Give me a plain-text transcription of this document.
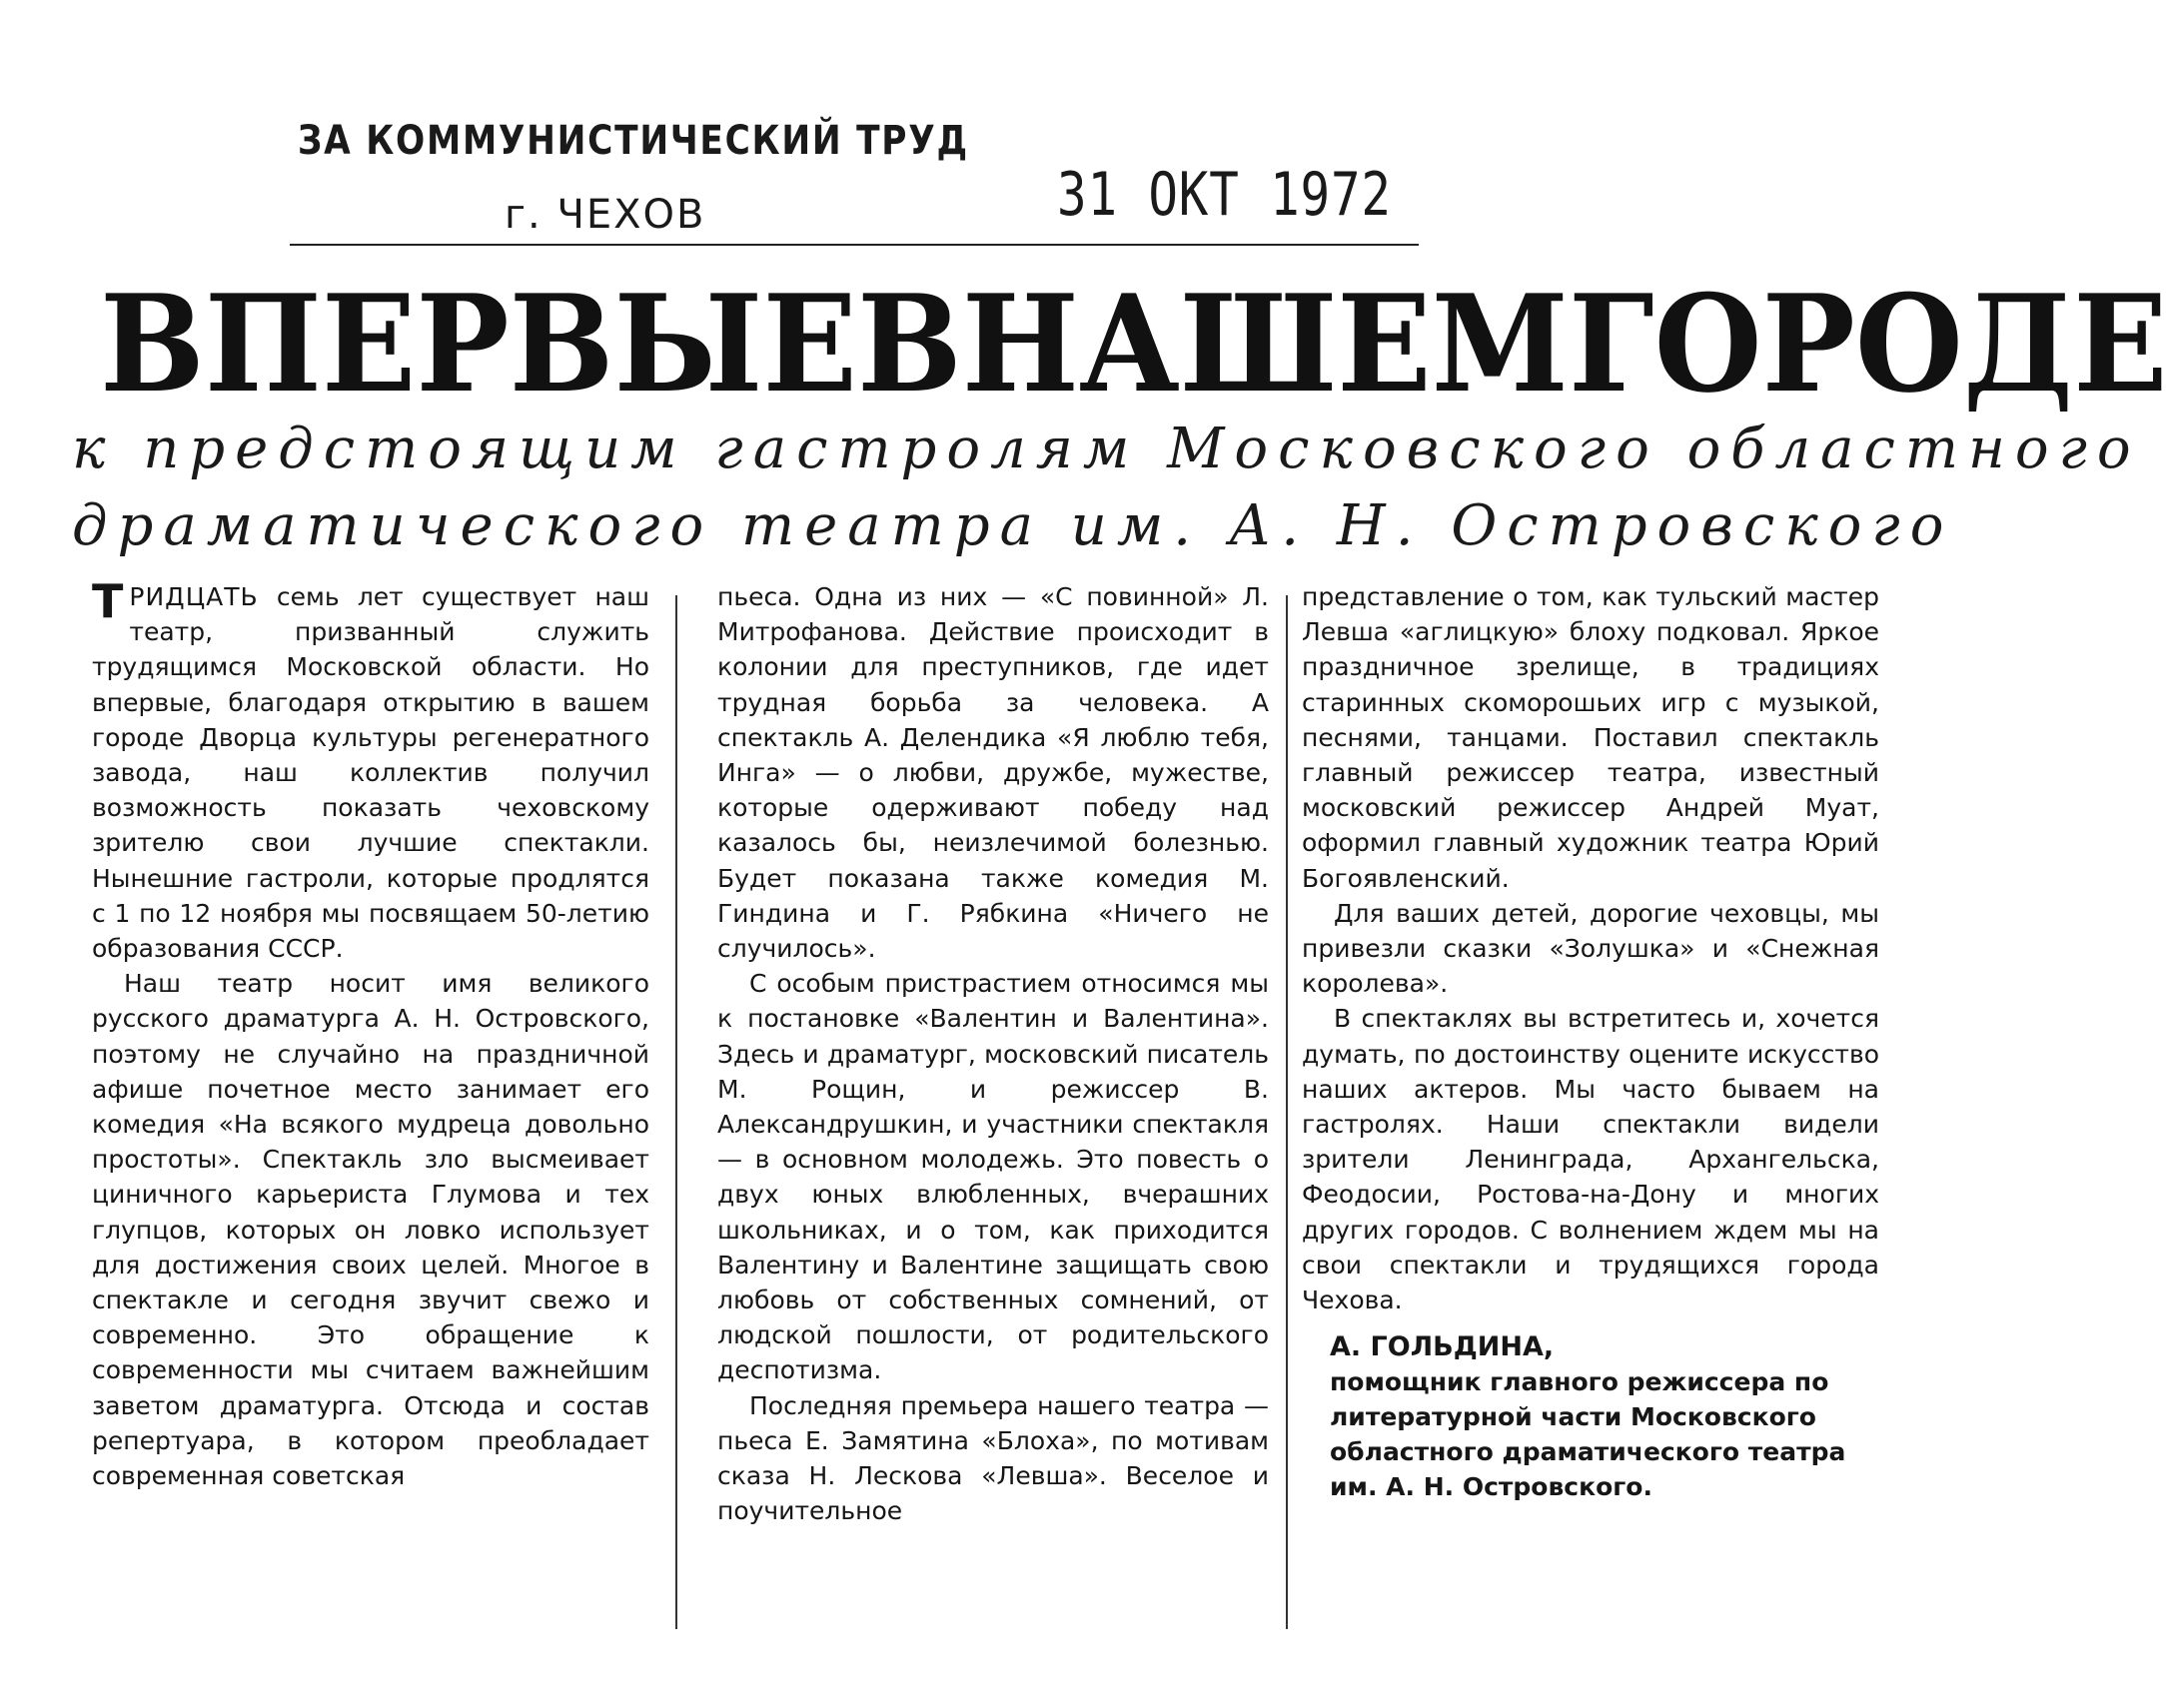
ЗА КОММУНИСТИЧЕСКИЙ ТРУД
г. ЧЕХОВ	31 ОКТ 1972
ВПЕРВЫЕ В НАШЕМ ГОРОДЕ
к предстоящим гастролям Московского областного
драматического театра им. А. Н. Островского

ТРИДЦАТЬ семь лет существует наш театр, призванный служить трудящимся Московской области. Но впервые, благодаря открытию в вашем городе Дворца культуры регенератного завода, наш коллектив получил возможность показать чеховскому зрителю свои лучшие спектакли. Нынешние гастроли, которые продлятся с 1 по 12 ноября мы посвящаем 50-летию образования СССР.

Наш театр носит имя великого русского драматурга А. Н. Островского, поэтому не случайно на праздничной афише почетное место занимает его комедия «На всякого мудреца довольно простоты». Спектакль зло высмеивает циничного карьериста Глумова и тех глупцов, которых он ловко использует для достижения своих целей. Многое в спектакле и сегодня звучит свежо и современно. Это обращение к современности мы считаем важнейшим заветом драматурга. Отсюда и состав репертуара, в котором преобладает современная советская

пьеса. Одна из них — «С повинной» Л. Митрофанова. Действие происходит в колонии для преступников, где идет трудная борьба за человека. А спектакль А. Делендика «Я люблю тебя, Инга» — о любви, дружбе, мужестве, которые одерживают победу над казалось бы, неизлечимой болезнью. Будет показана также комедия М. Гиндина и Г. Рябкина «Ничего не случилось».

С особым пристрастием относимся мы к постановке «Валентин и Валентина». Здесь и драматург, московский писатель М. Рощин, и режиссер В. Александрушкин, и участники спектакля — в основном молодежь. Это повесть о двух юных влюбленных, вчерашних школьниках, и о том, как приходится Валентину и Валентине защищать свою любовь от собственных сомнений, от людской пошлости, от родительского деспотизма.

Последняя премьера нашего театра — пьеса Е. Замятина «Блоха», по мотивам сказа Н. Лескова «Левша». Веселое и поучительное

представление о том, как тульский мастер Левша «аглицкую» блоху подковал. Яркое праздничное зрелище, в традициях старинных скоморошьих игр с музыкой, песнями, танцами. Поставил спектакль главный режиссер театра, известный московский режиссер Андрей Муат, оформил главный художник театра Юрий Богоявленский.

Для ваших детей, дорогие чеховцы, мы привезли сказки «Золушка» и «Снежная королева».

В спектаклях вы встретитесь и, хочется думать, по достоинству оцените искусство наших актеров. Мы часто бываем на гастролях. Наши спектакли видели зрители Ленинграда, Архангельска, Феодосии, Ростова-на-Дону и многих других городов. С волнением ждем мы на свои спектакли и трудящихся города Чехова.

А. ГОЛЬДИНА,
помощник главного режиссера по литературной части Московского областного драматического театра им. А. Н. Островского.
